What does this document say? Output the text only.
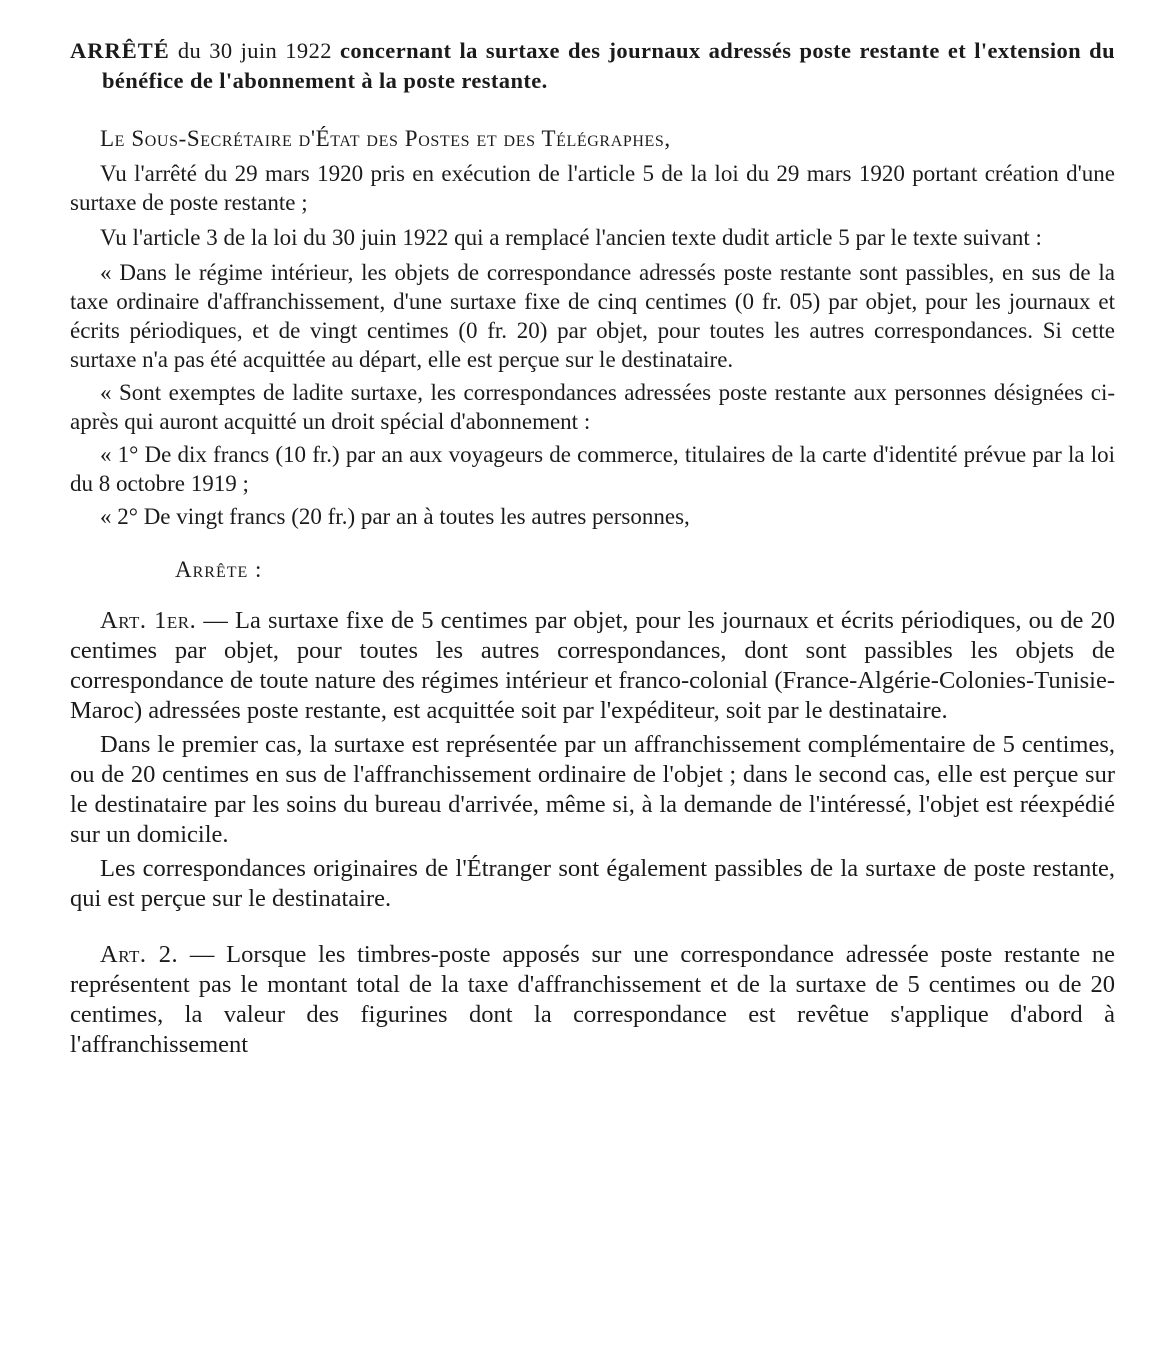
ARRÊTÉ du 30 juin 1922 concernant la surtaxe des journaux adressés poste restante et l'extension du bénéfice de l'abonnement à la poste restante.

Le Sous-Secrétaire d'État des Postes et des Télégraphes,

Vu l'arrêté du 29 mars 1920 pris en exécution de l'article 5 de la loi du 29 mars 1920 portant création d'une surtaxe de poste restante ;

Vu l'article 3 de la loi du 30 juin 1922 qui a remplacé l'ancien texte dudit article 5 par le texte suivant :

« Dans le régime intérieur, les objets de correspondance adressés poste restante sont passibles, en sus de la taxe ordinaire d'affranchissement, d'une surtaxe fixe de cinq centimes (0 fr. 05) par objet, pour les journaux et écrits périodiques, et de vingt centimes (0 fr. 20) par objet, pour toutes les autres correspondances. Si cette surtaxe n'a pas été acquittée au départ, elle est perçue sur le destinataire.

« Sont exemptes de ladite surtaxe, les correspondances adressées poste restante aux personnes désignées ci-après qui auront acquitté un droit spécial d'abonnement :

« 1° De dix francs (10 fr.) par an aux voyageurs de commerce, titulaires de la carte d'identité prévue par la loi du 8 octobre 1919 ;

« 2° De vingt francs (20 fr.) par an à toutes les autres personnes,

Arrête :

Art. 1er. — La surtaxe fixe de 5 centimes par objet, pour les journaux et écrits périodiques, ou de 20 centimes par objet, pour toutes les autres correspondances, dont sont passibles les objets de correspondance de toute nature des régimes intérieur et franco-colonial (France-Algérie-Colonies-Tunisie-Maroc) adressées poste restante, est acquittée soit par l'expéditeur, soit par le destinataire.

Dans le premier cas, la surtaxe est représentée par un affranchissement complémentaire de 5 centimes, ou de 20 centimes en sus de l'affranchissement ordinaire de l'objet ; dans le second cas, elle est perçue sur le destinataire par les soins du bureau d'arrivée, même si, à la demande de l'intéressé, l'objet est réexpédié sur un domicile.

Les correspondances originaires de l'Étranger sont également passibles de la surtaxe de poste restante, qui est perçue sur le destinataire.

Art. 2. — Lorsque les timbres-poste apposés sur une correspondance adressée poste restante ne représentent pas le montant total de la taxe d'affranchissement et de la surtaxe de 5 centimes ou de 20 centimes, la valeur des figurines dont la correspondance est revêtue s'applique d'abord à l'affranchissement
